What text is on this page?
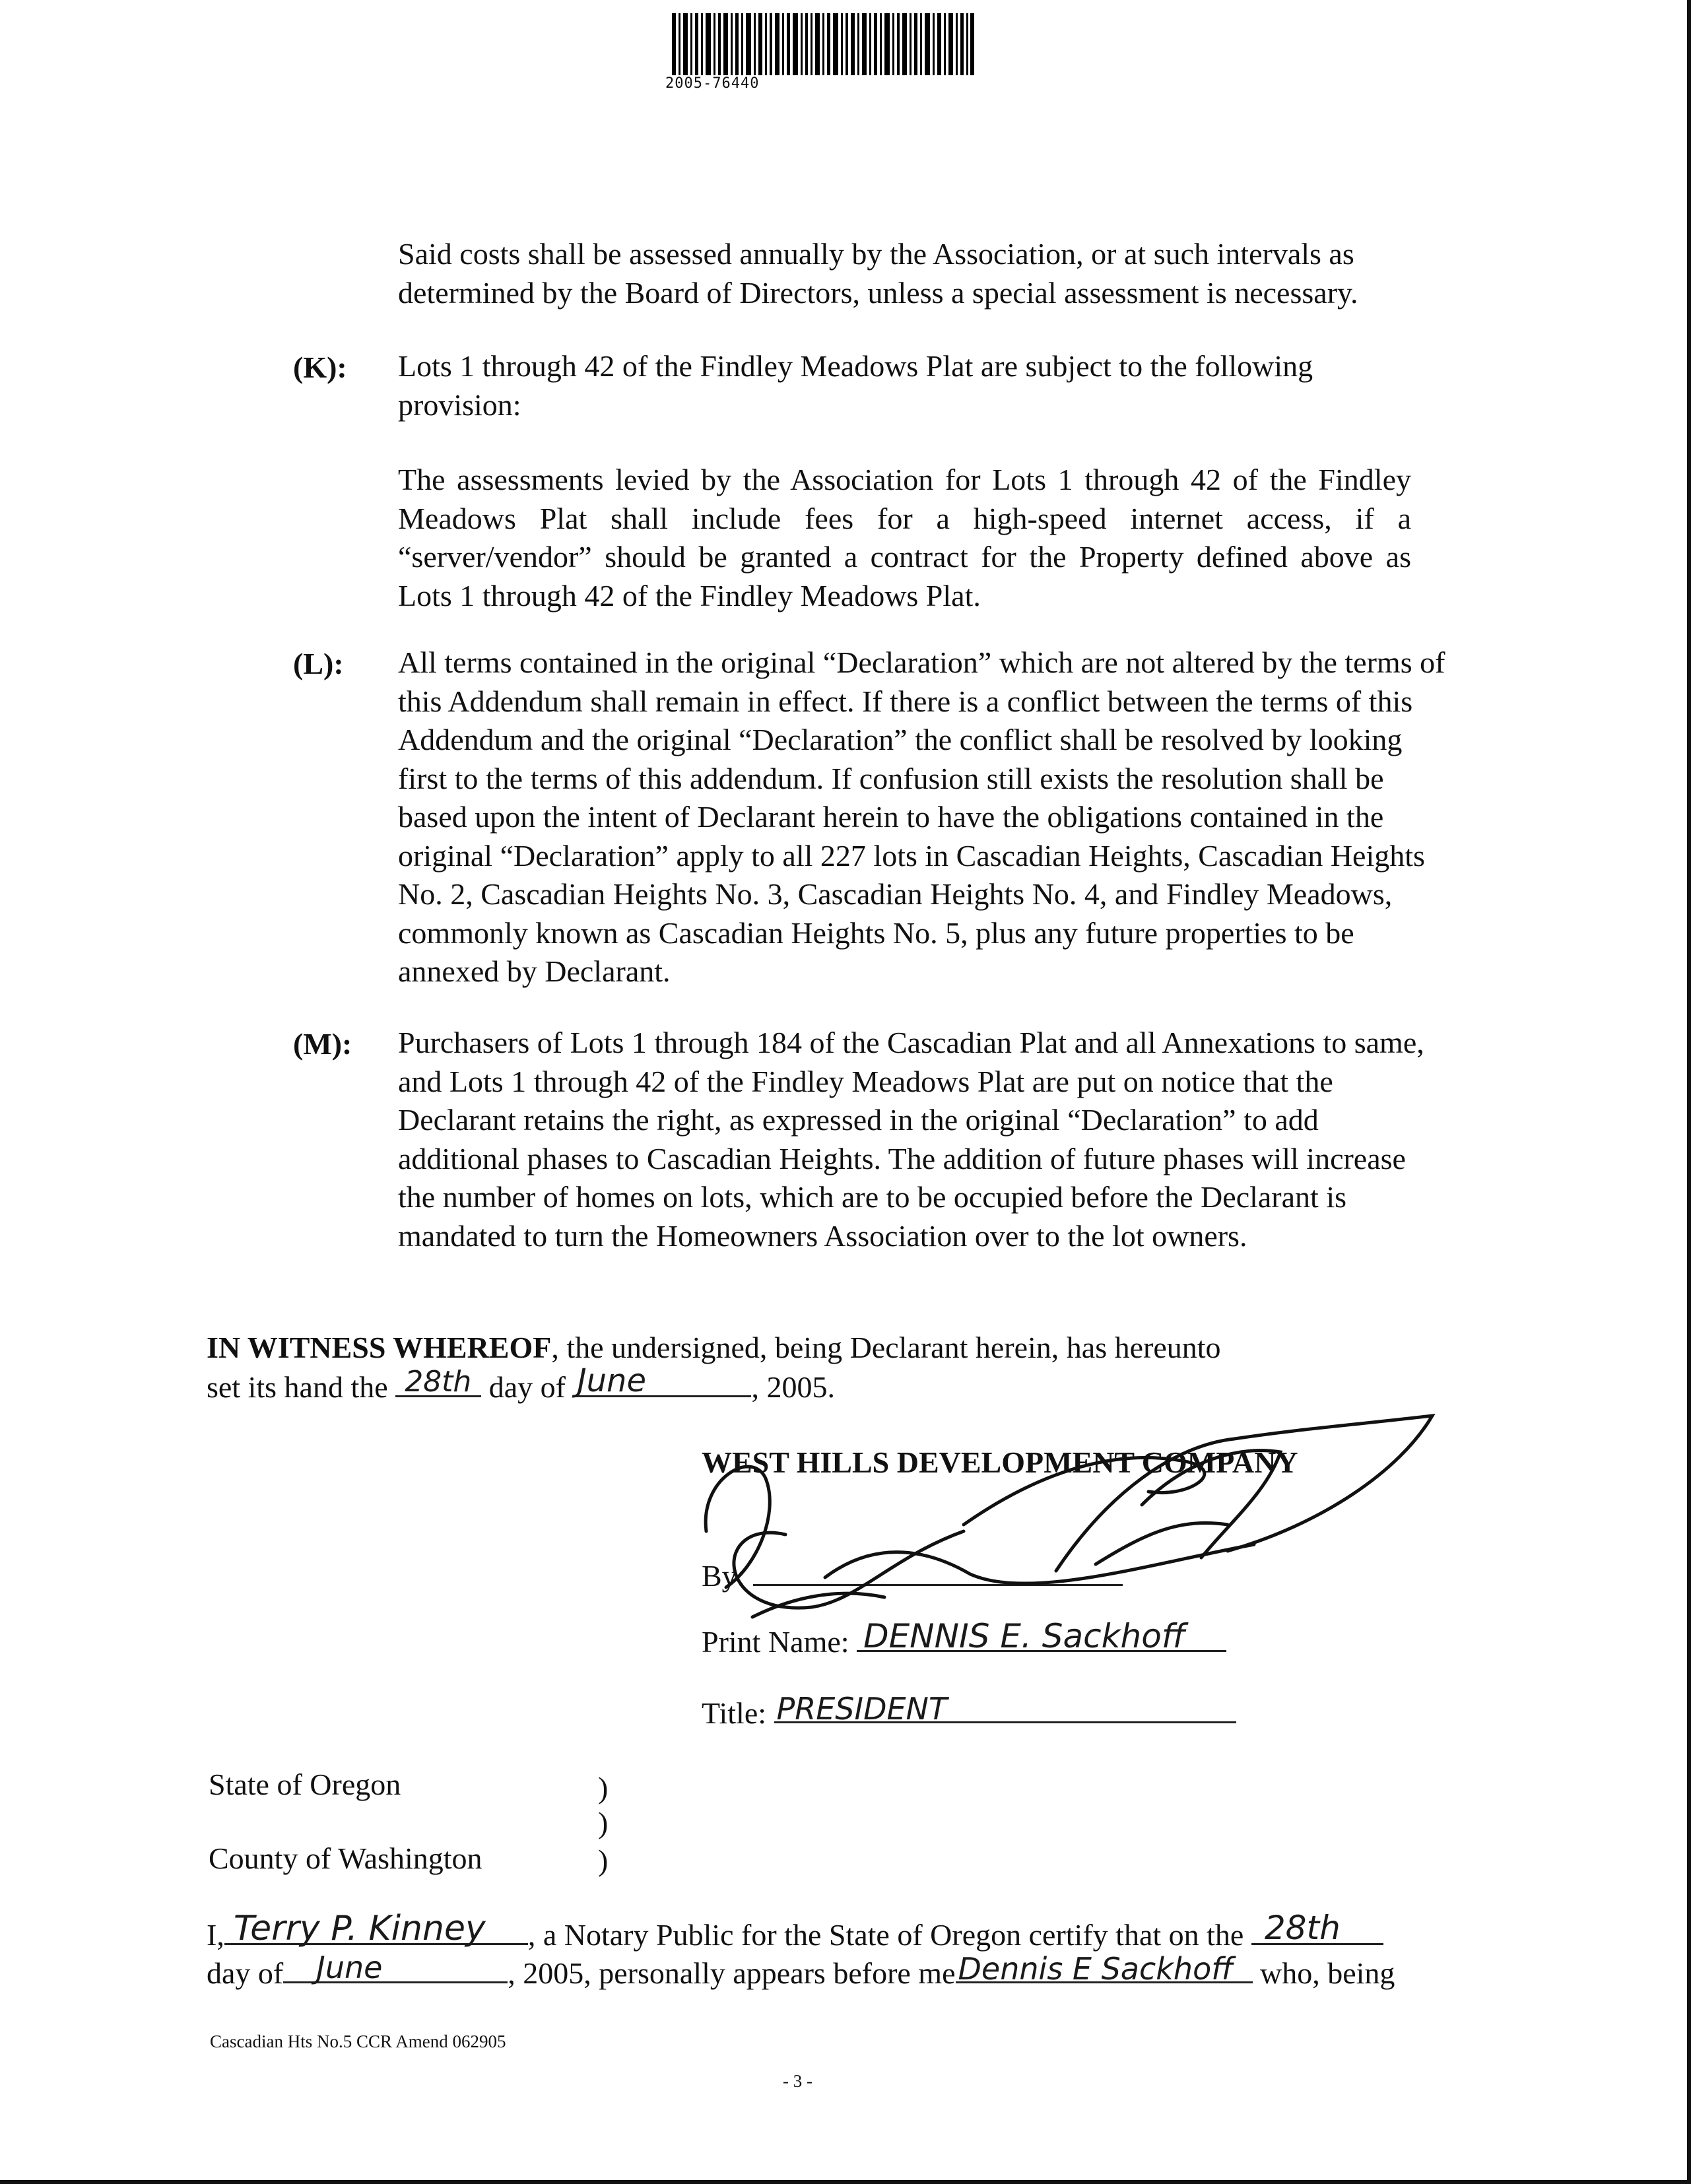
2005-76440
Said costs shall be assessed annually by the Association, or at such intervals as determined by the Board of Directors, unless a special assessment is necessary.
(K): Lots 1 through 42 of the Findley Meadows Plat are subject to the following provision:
The assessments levied by the Association for Lots 1 through 42 of the Findley Meadows Plat shall include fees for a high-speed internet access, if a “server/vendor” should be granted a contract for the Property defined above as Lots 1 through 42 of the Findley Meadows Plat.
(L): All terms contained in the original “Declaration” which are not altered by the terms of this Addendum shall remain in effect. If there is a conflict between the terms of this Addendum and the original “Declaration” the conflict shall be resolved by looking first to the terms of this addendum. If confusion still exists the resolution shall be based upon the intent of Declarant herein to have the obligations contained in the original “Declaration” apply to all 227 lots in Cascadian Heights, Cascadian Heights No. 2, Cascadian Heights No. 3, Cascadian Heights No. 4, and Findley Meadows, commonly known as Cascadian Heights No. 5, plus any future properties to be annexed by Declarant.
(M): Purchasers of Lots 1 through 184 of the Cascadian Plat and all Annexations to same, and Lots 1 through 42 of the Findley Meadows Plat are put on notice that the Declarant retains the right, as expressed in the original “Declaration” to add additional phases to Cascadian Heights. The addition of future phases will increase the number of homes on lots, which are to be occupied before the Declarant is mandated to turn the Homeowners Association over to the lot owners.
IN WITNESS WHEREOF, the undersigned, being Declarant herein, has hereunto
set its hand the 28th day of June	, 2005.
WEST HILLS DEVELOPMENT COMPANY
By:
Print Name: DENNIS E. Sackhoff
Title: PRESIDENT
State of Oregon	)
)
County of Washington	)
I, Terry P. Kinney , a Notary Public for the State of Oregon certify that on the 28th
day of June	, 2005, personally appears before me Dennis E Sackhoff who, being
Cascadian Hts No.5 CCR Amend 062905
- 3 -
